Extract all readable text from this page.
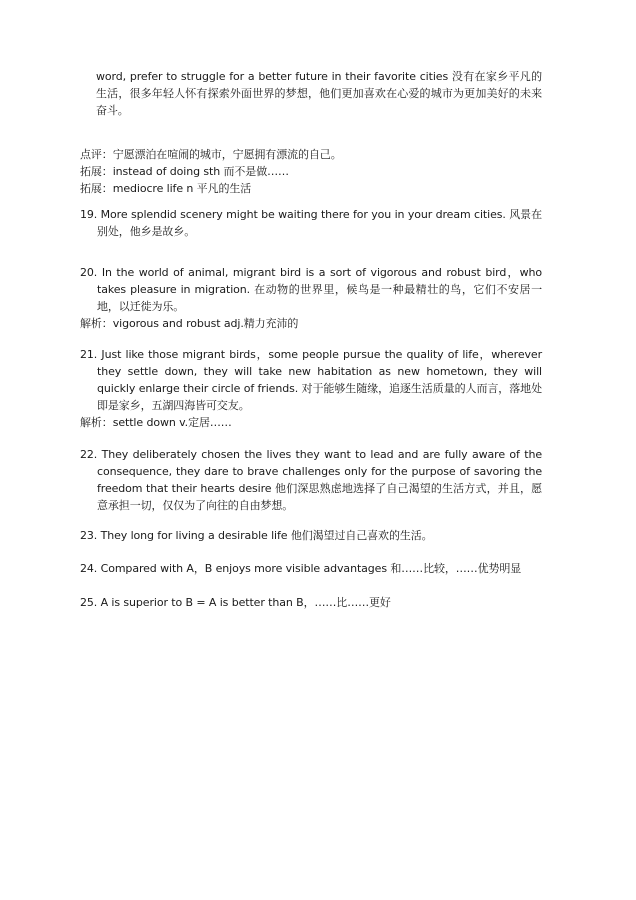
word, prefer to struggle for a better future in their favorite cities 没有在家乡平凡的生活，很多年轻人怀有探索外面世界的梦想，他们更加喜欢在心爱的城市为更加美好的未来奋斗。

点评：宁愿漂泊在喧闹的城市，宁愿拥有漂流的自己。

拓展：instead of doing sth 而不是做……

拓展：mediocre life n 平凡的生活

19. More splendid scenery might be waiting there for you in your dream cities. 风景在别处，他乡是故乡。

20. In the world of animal, migrant bird is a sort of vigorous and robust bird，who takes pleasure in migration. 在动物的世界里，候鸟是一种最精壮的鸟，它们不安居一地，以迁徙为乐。

解析：vigorous and robust adj.精力充沛的

21. Just like those migrant birds，some people pursue the quality of life，wherever they settle down, they will take new habitation as new hometown, they will quickly enlarge their circle of friends. 对于能够生随缘，追逐生活质量的人而言，落地处即是家乡，五湖四海皆可交友。

解析：settle down v.定居……

22. They deliberately chosen the lives they want to lead and are fully aware of the consequence, they dare to brave challenges only for the purpose of savoring the freedom that their hearts desire 他们深思熟虑地选择了自己渴望的生活方式，并且，愿意承担一切，仅仅为了向往的自由梦想。

23. They long for living a desirable life 他们渴望过自己喜欢的生活。

24. Compared with A，B enjoys more visible advantages 和……比较，……优势明显

25. A is superior to B = A is better than B，……比……更好
